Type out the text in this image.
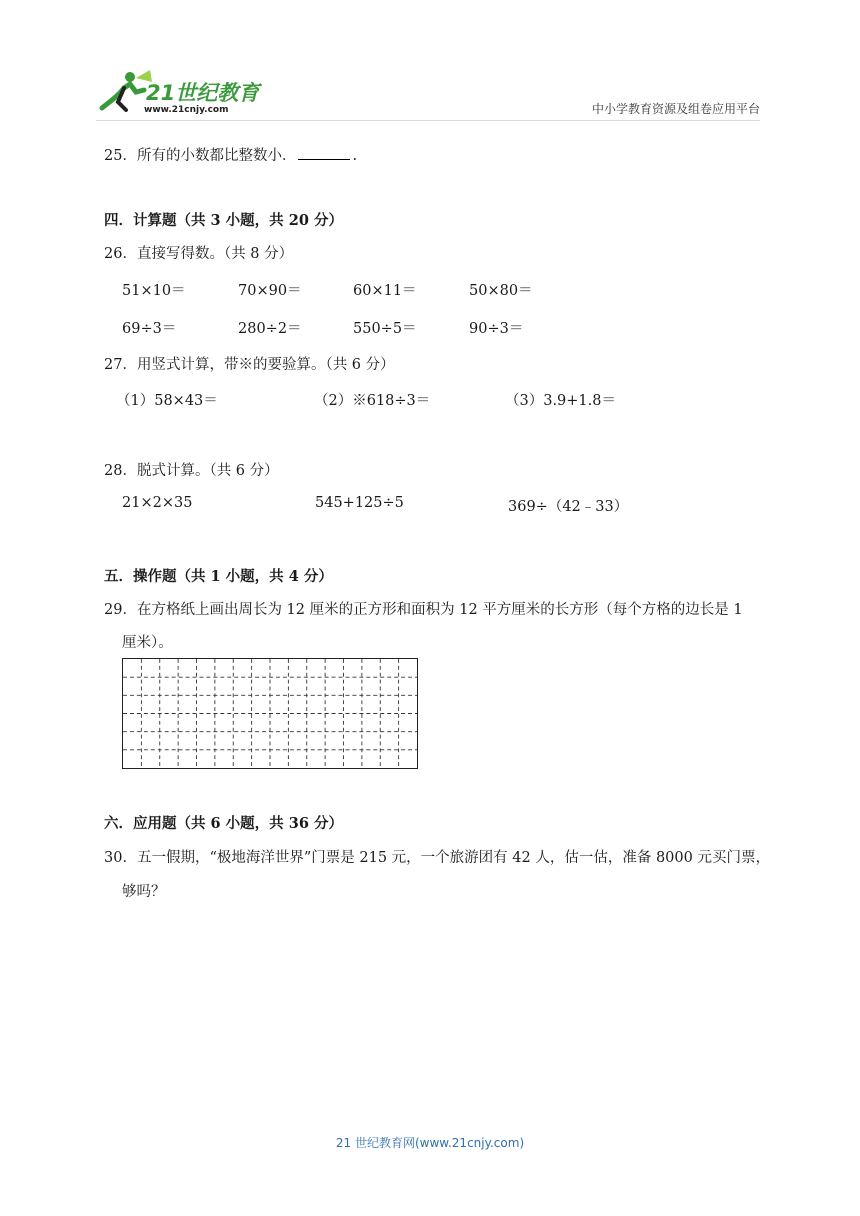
21世纪教育
www.21cnjy.com	中小学教育资源及组卷应用平台
25．所有的小数都比整数小．	.
四．计算题（共 3 小题，共 20 分）
26．直接写得数。（共 8 分）
51×10＝	70×90＝	60×11＝	50×80＝
69÷3＝	280÷2＝	550÷5＝	90÷3＝
27．用竖式计算，带※的要验算。（共 6 分）
（1）58×43＝	（2）※618÷3＝	（3）3.9+1.8＝
28．脱式计算。（共 6 分）
21×2×35	545+125÷5	369÷（42﹣33）
五．操作题（共 1 小题，共 4 分）
29．在方格纸上画出周长为 12 厘米的正方形和面积为 12 平方厘米的长方形（每个方格的边长是 1
厘米）。
六．应用题（共 6 小题，共 36 分）
30．五一假期，“极地海洋世界”门票是 215 元，一个旅游团有 42 人，估一估，准备 8000 元买门票，
够吗？
21 世纪教育网(www.21cnjy.com)
